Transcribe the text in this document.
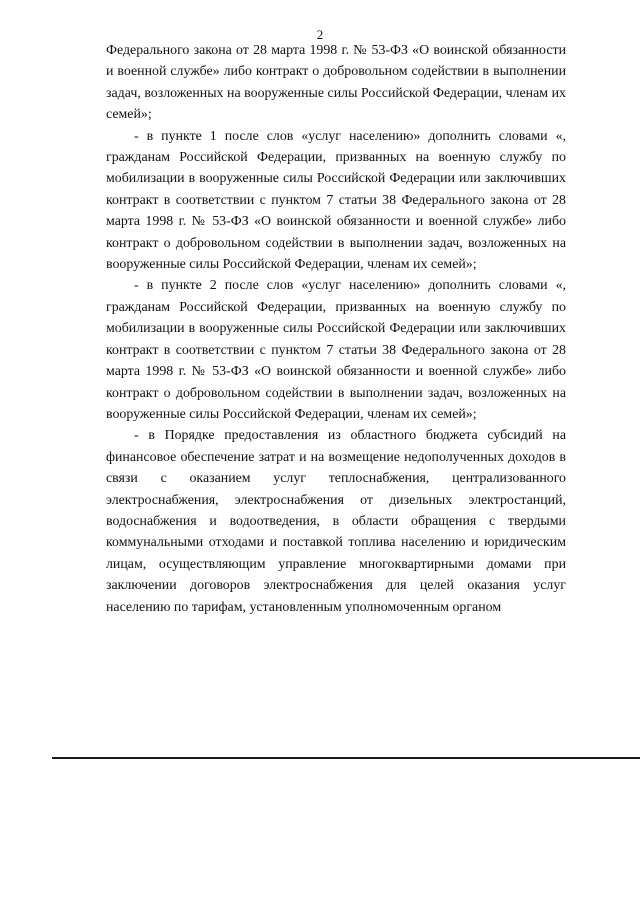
2

Федерального закона от 28 марта 1998 г. № 53-ФЗ «О воинской обязанности и военной службе» либо контракт о добровольном содействии в выполнении задач, возложенных на вооруженные силы Российской Федерации, членам их семей»;

- в пункте 1 после слов «услуг населению» дополнить словами «, гражданам Российской Федерации, призванных на военную службу по мобилизации в вооруженные силы Российской Федерации или заключивших контракт в соответствии с пунктом 7 статьи 38 Федерального закона от 28 марта 1998 г. № 53-ФЗ «О воинской обязанности и военной службе» либо контракт о добровольном содействии в выполнении задач, возложенных на вооруженные силы Российской Федерации, членам их семей»;

- в пункте 2 после слов «услуг населению» дополнить словами «, гражданам Российской Федерации, призванных на военную службу по мобилизации в вооруженные силы Российской Федерации или заключивших контракт в соответствии с пунктом 7 статьи 38 Федерального закона от 28 марта 1998 г. № 53-ФЗ «О воинской обязанности и военной службе» либо контракт о добровольном содействии в выполнении задач, возложенных на вооруженные силы Российской Федерации, членам их семей»;

- в Порядке предоставления из областного бюджета субсидий на финансовое обеспечение затрат и на возмещение недополученных доходов в связи с оказанием услуг теплоснабжения, централизованного электроснабжения, электроснабжения от дизельных электростанций, водоснабжения и водоотведения, в области обращения с твердыми коммунальными отходами и поставкой топлива населению и юридическим лицам, осуществляющим управление многоквартирными домами при заключении договоров электроснабжения для целей оказания услуг населению по тарифам, установленным уполномоченным органом
